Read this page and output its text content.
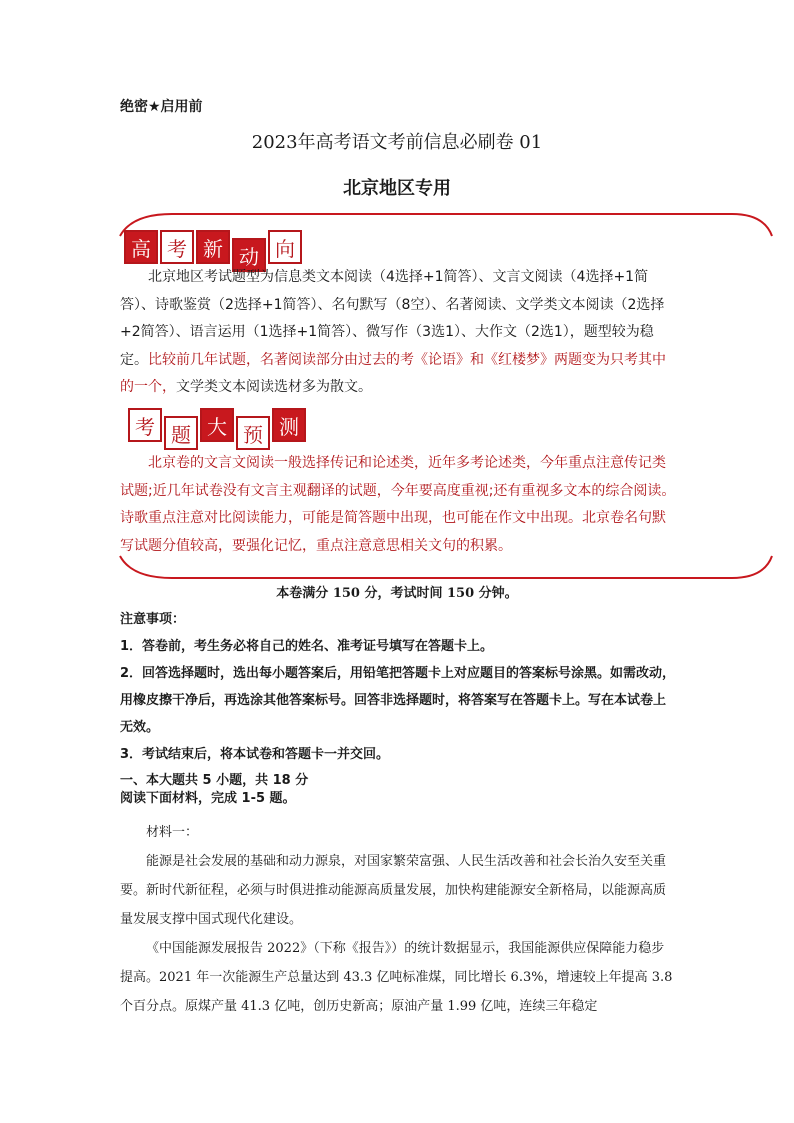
绝密★启用前
2023年高考语文考前信息必刷卷 01
北京地区专用
高 考 新 动 向
北京地区考试题型为信息类文本阅读（4选择+1简答）、文言文阅读（4选择+1简答）、诗歌鉴赏（2选择+1简答）、名句默写（8空）、名著阅读、文学类文本阅读（2选择+2简答）、语言运用（1选择+1简答）、微写作（3选1）、大作文（2选1），题型较为稳定。比较前几年试题，名著阅读部分由过去的考《论语》和《红楼梦》两题变为只考其中的一个，文学类文本阅读选材多为散文。
考 题 大 预 测
北京卷的文言文阅读一般选择传记和论述类，近年多考论述类，今年重点注意传记类试题;近几年试卷没有文言主观翻译的试题，今年要高度重视;还有重视多文本的综合阅读。诗歌重点注意对比阅读能力，可能是简答题中出现，也可能在作文中出现。北京卷名句默写试题分值较高，要强化记忆，重点注意意思相关文句的积累。
本卷满分 150 分，考试时间 150 分钟。

注意事项：

1．答卷前，考生务必将自己的姓名、准考证号填写在答题卡上。

2．回答选择题时，选出每小题答案后，用铅笔把答题卡上对应题目的答案标号涂黑。如需改动，用橡皮擦干净后，再选涂其他答案标号。回答非选择题时，将答案写在答题卡上。写在本试卷上无效。

3．考试结束后，将本试卷和答题卡一并交回。

一、本大题共 5 小题，共 18 分
阅读下面材料，完成 1-5 题。

材料一：

能源是社会发展的基础和动力源泉，对国家繁荣富强、人民生活改善和社会长治久安至关重要。新时代新征程，必须与时俱进推动能源高质量发展，加快构建能源安全新格局，以能源高质量发展支撑中国式现代化建设。

《中国能源发展报告 2022》（下称《报告》）的统计数据显示，我国能源供应保障能力稳步提高。2021 年一次能源生产总量达到 43.3 亿吨标准煤，同比增长 6.3%，增速较上年提高 3.8 个百分点。原煤产量 41.3 亿吨，创历史新高；原油产量 1.99 亿吨，连续三年稳定
